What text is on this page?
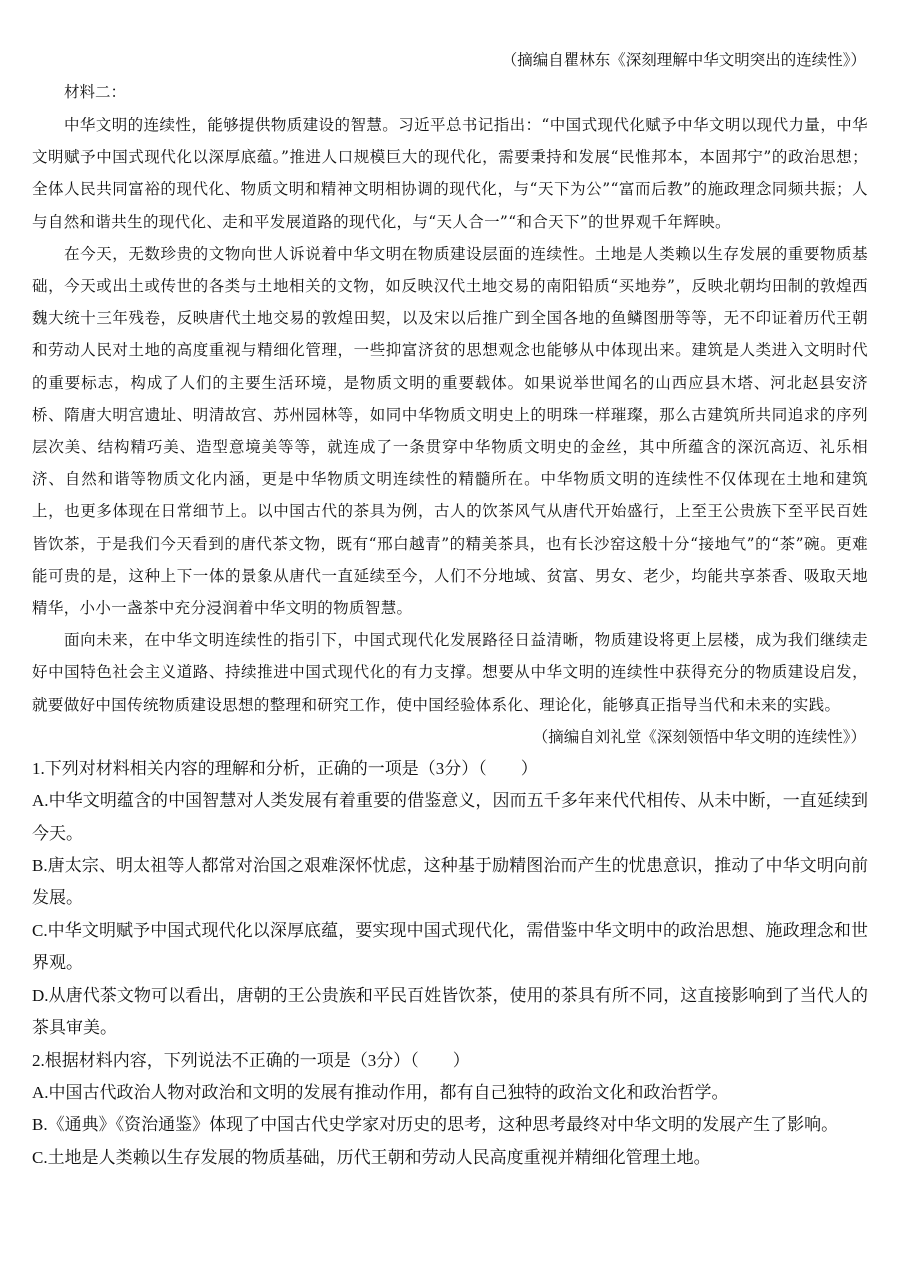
（摘编自瞿林东《深刻理解中华文明突出的连续性》）

材料二：

中华文明的连续性，能够提供物质建设的智慧。习近平总书记指出：“中国式现代化赋予中华文明以现代力量，中华文明赋予中国式现代化以深厚底蕴。”推进人口规模巨大的现代化，需要秉持和发展“民惟邦本，本固邦宁”的政治思想；全体人民共同富裕的现代化、物质文明和精神文明相协调的现代化，与“天下为公”“富而后教”的施政理念同频共振；人与自然和谐共生的现代化、走和平发展道路的现代化，与“天人合一”“和合天下”的世界观千年辉映。

在今天，无数珍贵的文物向世人诉说着中华文明在物质建设层面的连续性。土地是人类赖以生存发展的重要物质基础，今天或出土或传世的各类与土地相关的文物，如反映汉代土地交易的南阳铅质“买地券”，反映北朝均田制的敦煌西魏大统十三年残卷，反映唐代土地交易的敦煌田契，以及宋以后推广到全国各地的鱼鳞图册等等，无不印证着历代王朝和劳动人民对土地的高度重视与精细化管理，一些抑富济贫的思想观念也能够从中体现出来。建筑是人类进入文明时代的重要标志，构成了人们的主要生活环境，是物质文明的重要载体。如果说举世闻名的山西应县木塔、河北赵县安济桥、隋唐大明宫遗址、明清故宫、苏州园林等，如同中华物质文明史上的明珠一样璀璨，那么古建筑所共同追求的序列层次美、结构精巧美、造型意境美等等，就连成了一条贯穿中华物质文明史的金丝，其中所蕴含的深沉高迈、礼乐相济、自然和谐等物质文化内涵，更是中华物质文明连续性的精髓所在。中华物质文明的连续性不仅体现在土地和建筑上，也更多体现在日常细节上。以中国古代的茶具为例，古人的饮茶风气从唐代开始盛行，上至王公贵族下至平民百姓皆饮茶，于是我们今天看到的唐代茶文物，既有“邢白越青”的精美茶具，也有长沙窑这般十分“接地气”的“茶”碗。更难能可贵的是，这种上下一体的景象从唐代一直延续至今，人们不分地域、贫富、男女、老少，均能共享茶香、吸取天地精华，小小一盏茶中充分浸润着中华文明的物质智慧。

面向未来，在中华文明连续性的指引下，中国式现代化发展路径日益清晰，物质建设将更上层楼，成为我们继续走好中国特色社会主义道路、持续推进中国式现代化的有力支撑。想要从中华文明的连续性中获得充分的物质建设启发，就要做好中国传统物质建设思想的整理和研究工作，使中国经验体系化、理论化，能够真正指导当代和未来的实践。

（摘编自刘礼堂《深刻领悟中华文明的连续性》）

1.下列对材料相关内容的理解和分析，正确的一项是（3分）（　　）

A.中华文明蕴含的中国智慧对人类发展有着重要的借鉴意义，因而五千多年来代代相传、从未中断，一直延续到今天。

B.唐太宗、明太祖等人都常对治国之艰难深怀忧虑，这种基于励精图治而产生的忧患意识，推动了中华文明向前发展。

C.中华文明赋予中国式现代化以深厚底蕴，要实现中国式现代化，需借鉴中华文明中的政治思想、施政理念和世界观。

D.从唐代茶文物可以看出，唐朝的王公贵族和平民百姓皆饮茶，使用的茶具有所不同，这直接影响到了当代人的茶具审美。

2.根据材料内容，下列说法不正确的一项是（3分）（　　）

A.中国古代政治人物对政治和文明的发展有推动作用，都有自己独特的政治文化和政治哲学。

B.《通典》《资治通鉴》体现了中国古代史学家对历史的思考，这种思考最终对中华文明的发展产生了影响。

C.土地是人类赖以生存发展的物质基础，历代王朝和劳动人民高度重视并精细化管理土地。
